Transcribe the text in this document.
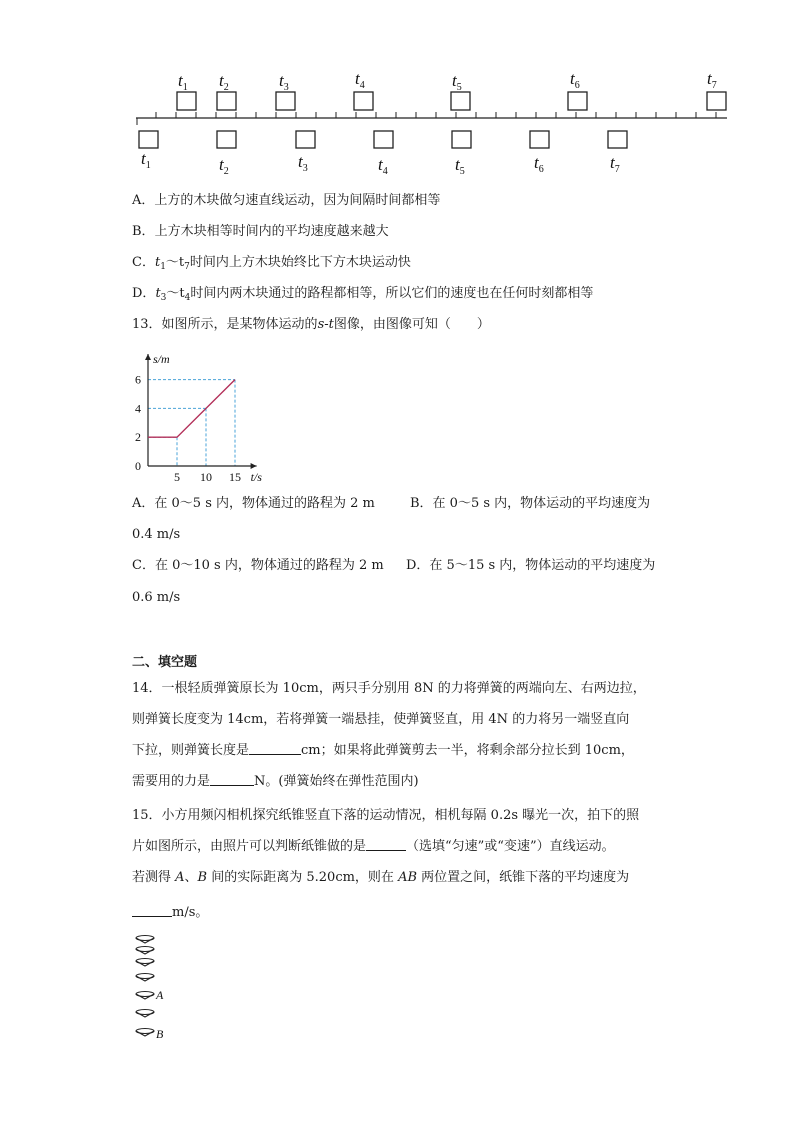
$t_1$ $t_2$	$t_3$	$t_4$	$t_5$	$t_6$	$t_7$
$t_1$	$t_2$
$t_3$	$t_4$	$t_5$	$t_6$	$t_7$
A．上方的木块做匀速直线运动，因为间隔时间都相等
B．上方木块相等时间内的平均速度越来越大
C．$t_1\sim t_7$时间内上方木块始终比下方木块运动快
D．$t_3\sim t_4$时间内两木块通过的路程都相等，所以它们的速度也在任何时刻都相等
13．如图所示，是某物体运动的s-t图像，由图像可知（　　）
5 10 15
2
4
6
0
s/m
t/s
A．在 0～5 s 内，物体通过的路程为 2 m	B．在 0～5 s 内，物体运动的平均速度为
0.4 m/s
C．在 0～10 s 内，物体通过的路程为 2 m D．在 5～15 s 内，物体运动的平均速度为
0.6 m/s
二、填空题
14．一根轻质弹簧原长为 10cm，两只手分别用 8N 的力将弹簧的两端向左、右两边拉，
则弹簧长度变为 14cm，若将弹簧一端悬挂，使弹簧竖直，用 4N 的力将另一端竖直向
下拉，则弹簧长度是	cm；如果将此弹簧剪去一半，将剩余部分拉长到 10cm，
需要用的力是	N。(弹簧始终在弹性范围内)
15．小方用频闪相机探究纸锥竖直下落的运动情况，相机每隔 0.2s 曝光一次，拍下的照
片如图所示，由照片可以判断纸锥做的是	（选填“匀速”或“变速”）直线运动。
若测得 A、B 间的实际距离为 5.20cm，则在 AB 两位置之间，纸锥下落的平均速度为
m/s。
A
B
